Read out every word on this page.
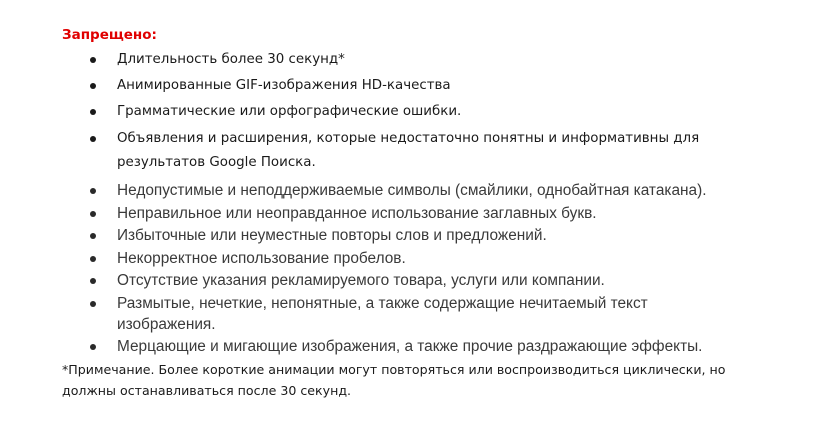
Запрещено:
Длительность более 30 секунд*
Анимированные GIF-изображения HD-качества
Грамматические или орфографические ошибки.
Объявления и расширения, которые недостаточно понятны и информативны для результатов Google Поиска.
Недопустимые и неподдерживаемые символы (смайлики, однобайтная катакана).
Неправильное или неоправданное использование заглавных букв.
Избыточные или неуместные повторы слов и предложений.
Некорректное использование пробелов.
Отсутствие указания рекламируемого товара, услуги или компании.
Размытые, нечеткие, непонятные, а также содержащие нечитаемый текст изображения.
Мерцающие и мигающие изображения, а также прочие раздражающие эффекты.
*Примечание. Более короткие анимации могут повторяться или воспроизводиться циклически, но должны останавливаться после 30 секунд.
